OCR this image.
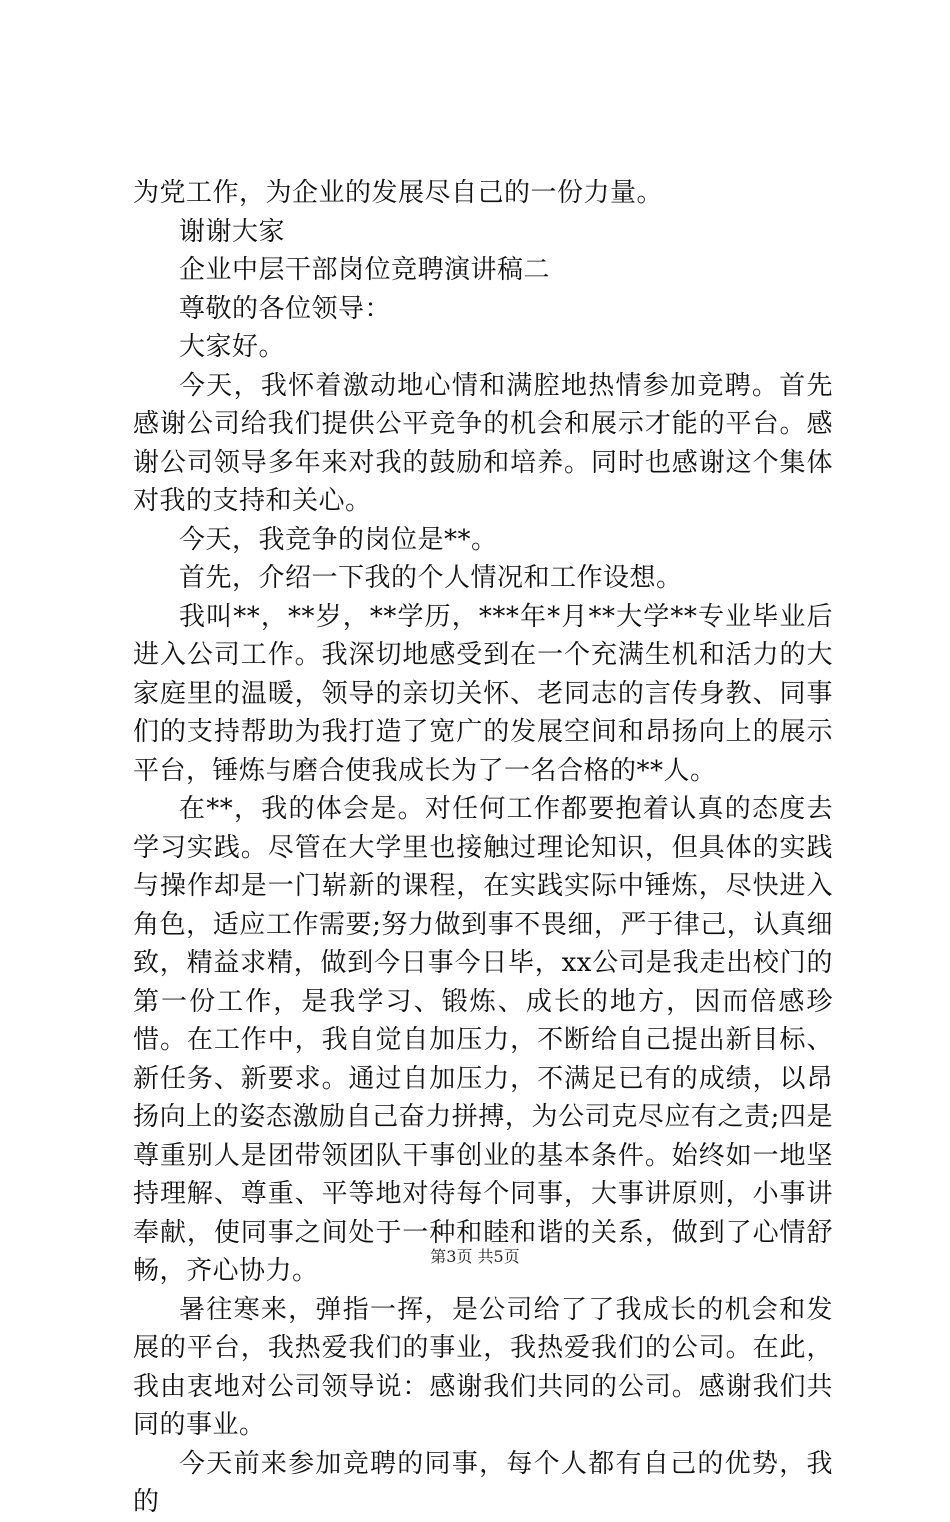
为党工作，为企业的发展尽自己的一份力量。

谢谢大家

企业中层干部岗位竞聘演讲稿二

尊敬的各位领导：

大家好。

今天，我怀着激动地心情和满腔地热情参加竞聘。首先感谢公司给我们提供公平竞争的机会和展示才能的平台。感谢公司领导多年来对我的鼓励和培养。同时也感谢这个集体对我的支持和关心。

今天，我竞争的岗位是**。

首先，介绍一下我的个人情况和工作设想。

我叫**，**岁，**学历，***年*月**大学**专业毕业后进入公司工作。我深切地感受到在一个充满生机和活力的大家庭里的温暖，领导的亲切关怀、老同志的言传身教、同事们的支持帮助为我打造了宽广的发展空间和昂扬向上的展示平台，锤炼与磨合使我成长为了一名合格的**人。

在**，我的体会是。对任何工作都要抱着认真的态度去学习实践。尽管在大学里也接触过理论知识，但具体的实践与操作却是一门崭新的课程，在实践实际中锤炼，尽快进入角色，适应工作需要;努力做到事不畏细，严于律己，认真细致，精益求精，做到今日事今日毕，xx公司是我走出校门的第一份工作，是我学习、锻炼、成长的地方，因而倍感珍惜。在工作中，我自觉自加压力，不断给自己提出新目标、新任务、新要求。通过自加压力，不满足已有的成绩，以昂扬向上的姿态激励自己奋力拼搏，为公司克尽应有之责;四是尊重别人是团带领团队干事创业的基本条件。始终如一地坚持理解、尊重、平等地对待每个同事，大事讲原则，小事讲奉献，使同事之间处于一种和睦和谐的关系，做到了心情舒畅，齐心协力。

暑往寒来，弹指一挥，是公司给了了我成长的机会和发展的平台，我热爱我们的事业，我热爱我们的公司。在此，我由衷地对公司领导说：感谢我们共同的公司。感谢我们共同的事业。

今天前来参加竞聘的同事，每个人都有自己的优势，我的

第3页 共5页
